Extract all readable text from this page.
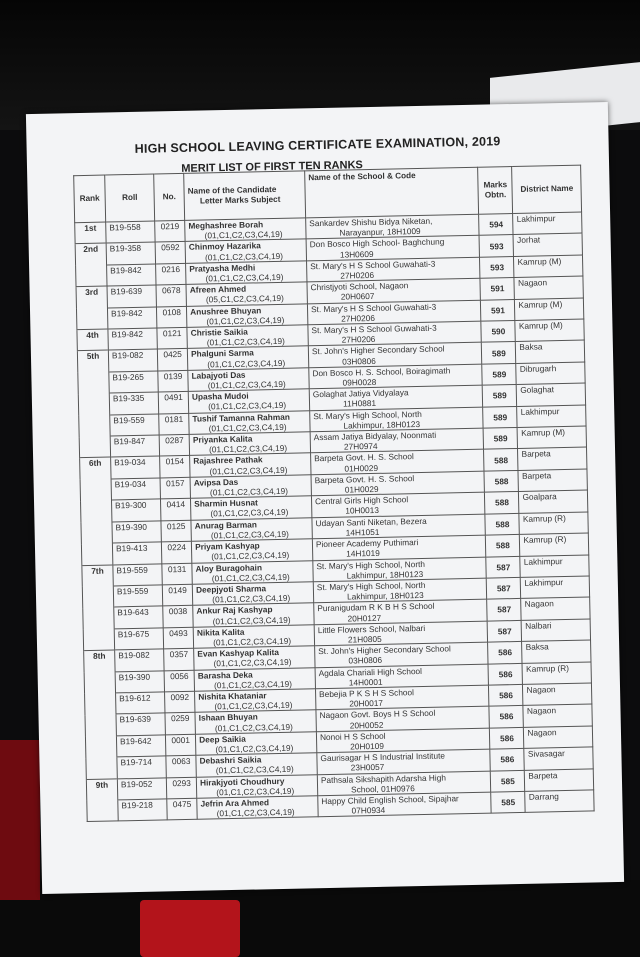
HIGH SCHOOL LEAVING CERTIFICATE EXAMINATION, 2019
MERIT LIST OF FIRST TEN RANKS
Rank	Roll	No.	Name of the Candidate
Letter Marks Subject	Name of the School & Code	Marks
Obtn.	District Name
1st	B19-558	0219	Meghashree Borah
(01,C1,C2,C3,C4,19)	Sankardev Shishu Bidya Niketan,
Narayanpur, 18H1009	594	Lakhimpur
2nd	B19-358	0592	Chinmoy Hazarika
(01,C1,C2,C3,C4,19)	Don Bosco High School- Baghchung
13H0609	593	Jorhat
	B19-842	0216	Pratyasha Medhi
(01,C1,C2,C3,C4,19)	St. Mary's H S School Guwahati-3
27H0206	593	Kamrup (M)
3rd	B19-639	0678	Afreen Ahmed
(05,C1,C2,C3,C4,19)	Christjyoti School, Nagaon
20H0607	591	Nagaon
	B19-842	0108	Anushree Bhuyan
(01,C1,C2,C3,C4,19)	St. Mary's H S School Guwahati-3
27H0206	591	Kamrup (M)
4th	B19-842	0121	Christie Saikia
(01,C1,C2,C3,C4,19)	St. Mary's H S School Guwahati-3
27H0206	590	Kamrup (M)
5th	B19-082	0425	Phalguni Sarma
(01,C1,C2,C3,C4,19)	St. John's Higher Secondary School
03H0806	589	Baksa
	B19-265	0139	Labajyoti Das
(01,C1,C2,C3,C4,19)	Don Bosco H. S. School, Boiragimath
09H0028	589	Dibrugarh
	B19-335	0491	Upasha Mudoi
(01,C1,C2,C3,C4,19)	Golaghat Jatiya Vidyalaya
11H0881	589	Golaghat
	B19-559	0181	Tushif Tamanna Rahman
(01,C1,C2,C3,C4,19)	St. Mary's High School, North
Lakhimpur, 18H0123	589	Lakhimpur
	B19-847	0287	Priyanka Kalita
(01,C1,C2,C3,C4,19)	Assam Jatiya Bidyalay, Noonmati
27H0974	589	Kamrup (M)
6th	B19-034	0154	Rajashree Pathak
(01,C1,C2,C3,C4,19)	Barpeta Govt. H. S. School
01H0029	588	Barpeta
	B19-034	0157	Avipsa Das
(01,C1,C2,C3,C4,19)	Barpeta Govt. H. S. School
01H0029	588	Barpeta
	B19-300	0414	Sharmin Husnat
(01,C1,C2,C3,C4,19)	Central Girls High School
10H0013	588	Goalpara
	B19-390	0125	Anurag Barman
(01,C1,C2,C3,C4,19)	Udayan Santi Niketan, Bezera
14H1051	588	Kamrup (R)
	B19-413	0224	Priyam Kashyap
(01,C1,C2,C3,C4,19)	Pioneer Academy Puthimari
14H1019	588	Kamrup (R)
7th	B19-559	0131	Aloy Buragohain
(01,C1,C2,C3,C4,19)	St. Mary's High School, North
Lakhimpur, 18H0123	587	Lakhimpur
	B19-559	0149	Deepjyoti Sharma
(01,C1,C2,C3,C4,19)	St. Mary's High School, North
Lakhimpur, 18H0123	587	Lakhimpur
	B19-643	0038	Ankur Raj Kashyap
(01,C1,C2,C3,C4,19)	Puranigudam R K B H S School
20H0127	587	Nagaon
	B19-675	0493	Nikita Kalita
(01,C1,C2,C3,C4,19)	Little Flowers School, Nalbari
21H0805	587	Nalbari
8th	B19-082	0357	Evan Kashyap Kalita
(01,C1,C2,C3,C4,19)	St. John's Higher Secondary School
03H0806	586	Baksa
	B19-390	0056	Barasha Deka
(01,C1,C2,C3,C4,19)	Agdala Chariali High School
14H0001	586	Kamrup (R)
	B19-612	0092	Nishita Khataniar
(01,C1,C2,C3,C4,19)	Bebejia P K S H S School
20H0017	586	Nagaon
	B19-639	0259	Ishaan Bhuyan
(01,C1,C2,C3,C4,19)	Nagaon Govt. Boys H S School
20H0052	586	Nagaon
	B19-642	0001	Deep Saikia
(01,C1,C2,C3,C4,19)	Nonoi H S School
20H0109	586	Nagaon
	B19-714	0063	Debashri Saikia
(01,C1,C2,C3,C4,19)	Gaurisagar H S Industrial Institute
23H0057	586	Sivasagar
9th	B19-052	0293	Hirakjyoti Choudhury
(01,C1,C2,C3,C4,19)	Pathsala Sikshapith Adarsha High
School, 01H0976	585	Barpeta
	B19-218	0475	Jefrin Ara Ahmed
(01,C1,C2,C3,C4,19)	Happy Child English School, Sipajhar
07H0934	585	Darrang
